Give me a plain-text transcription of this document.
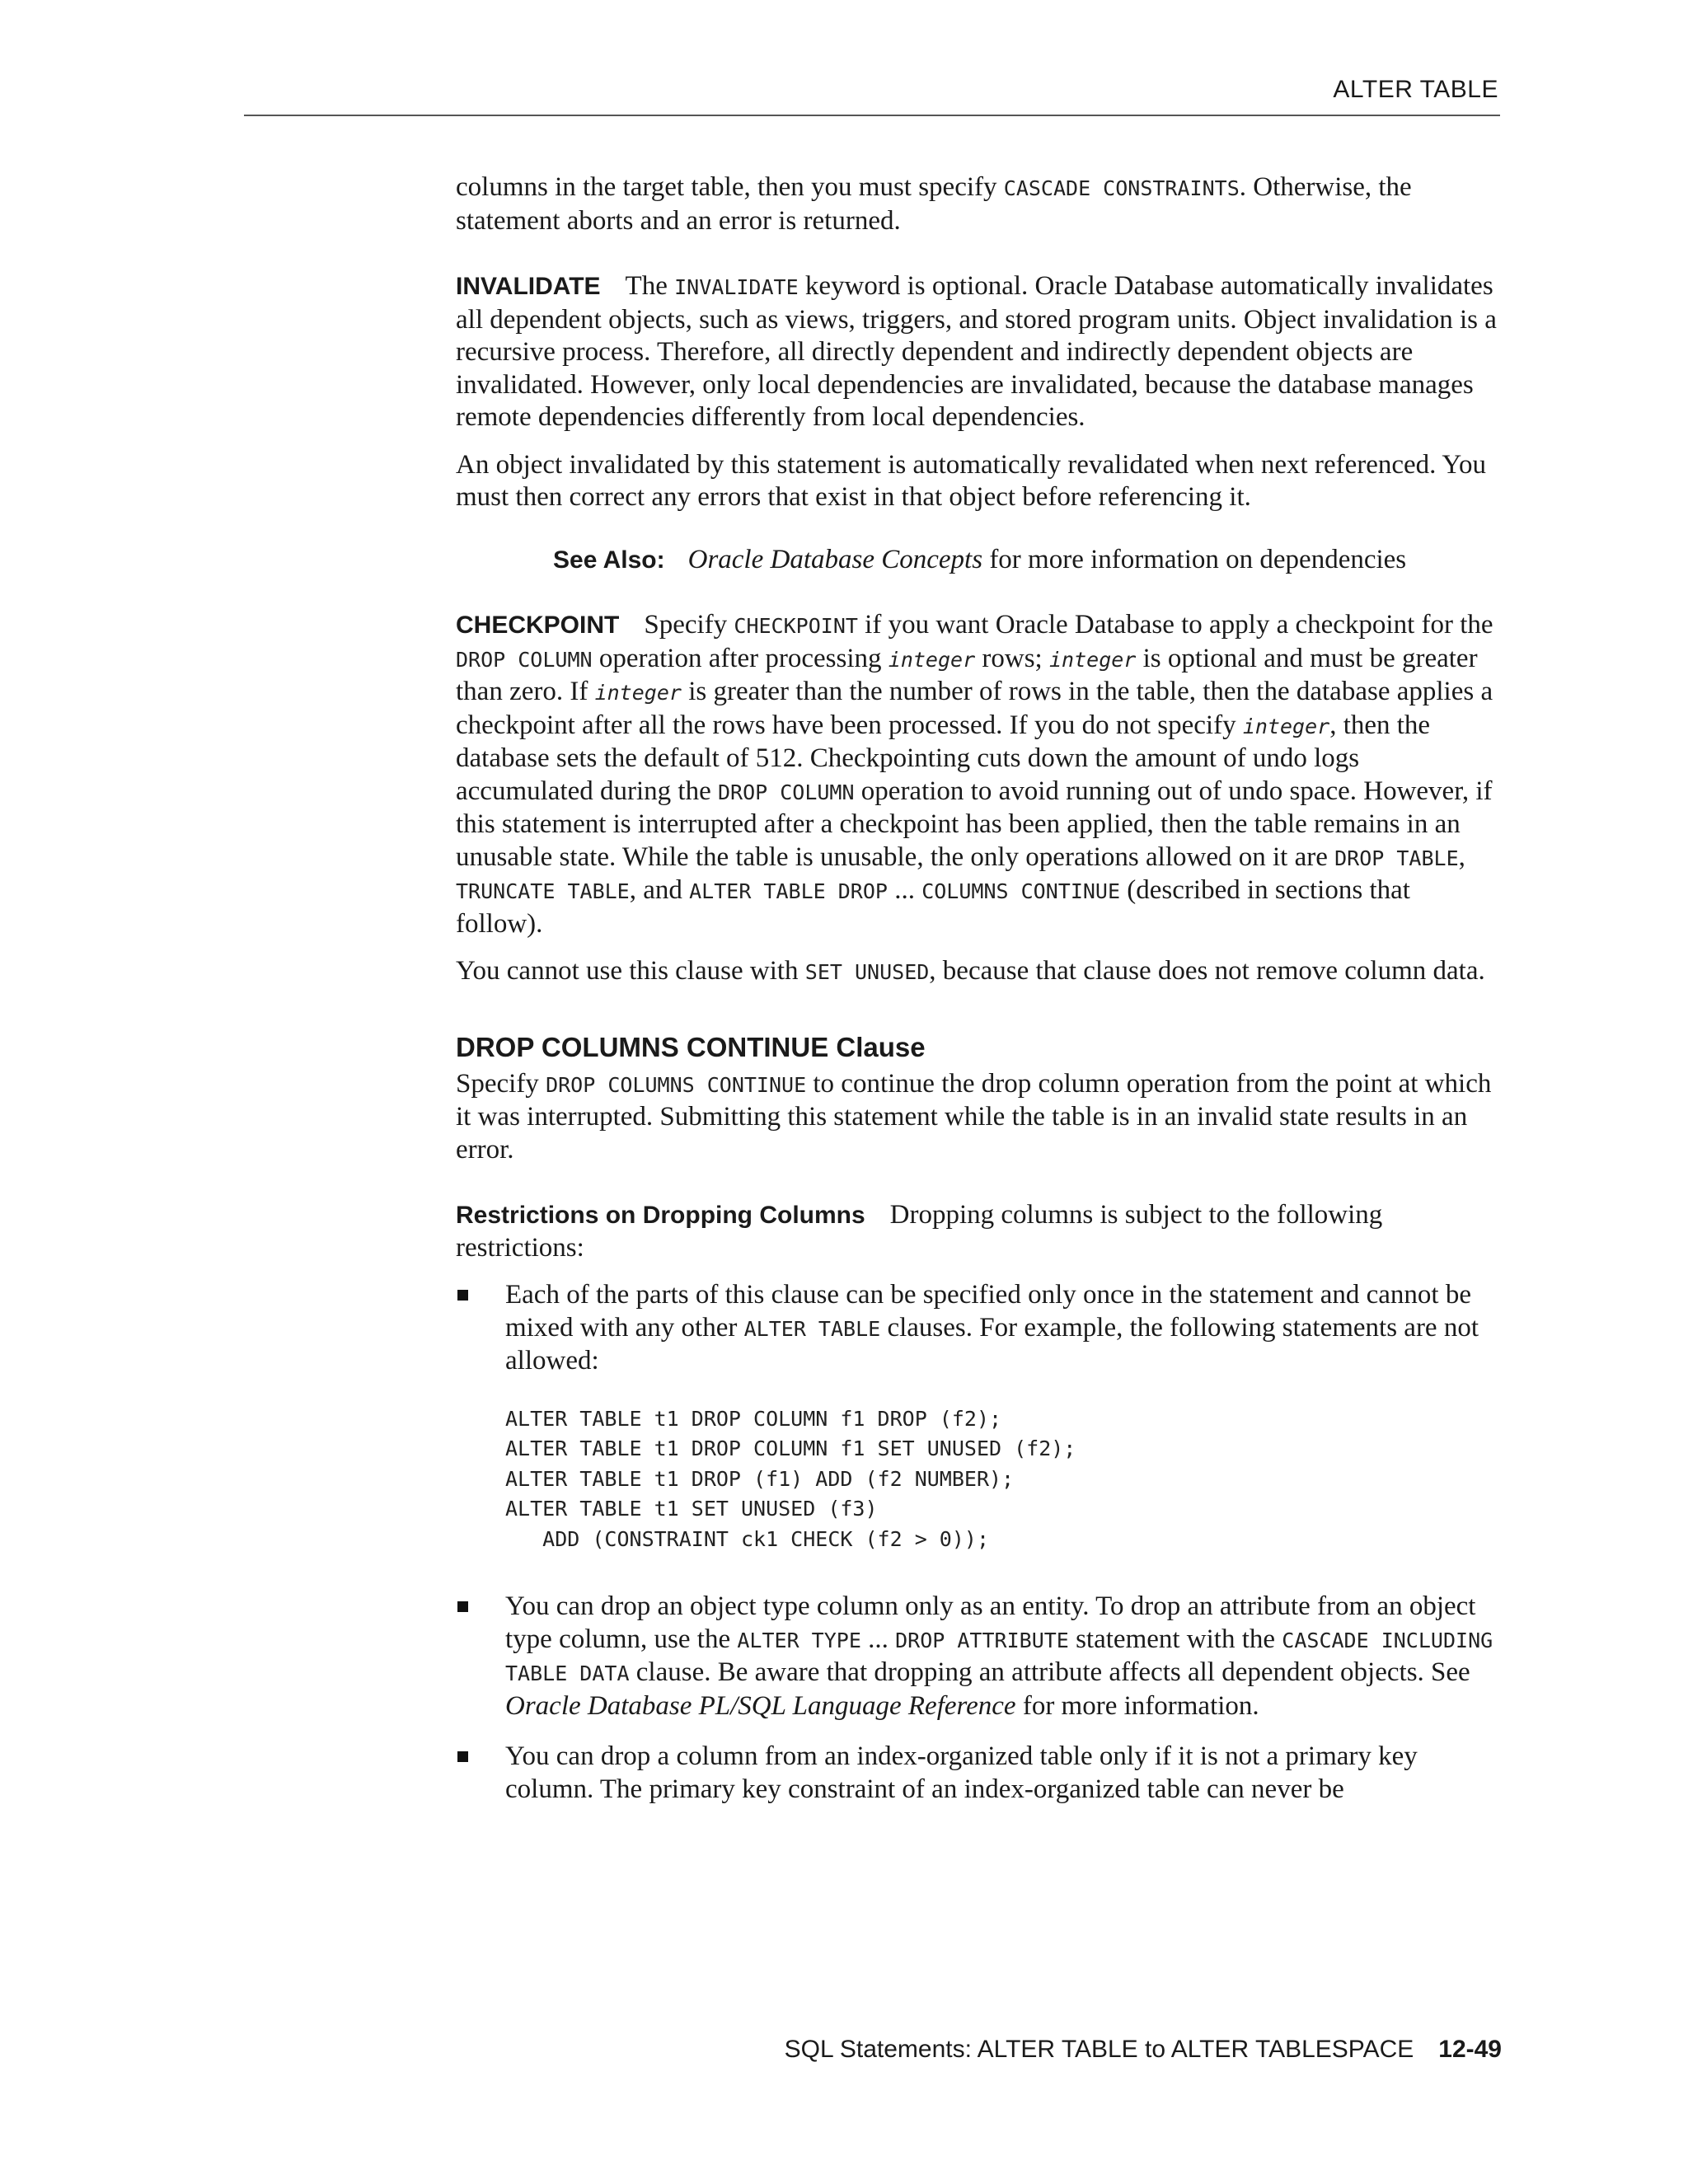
ALTER TABLE

columns in the target table, then you must specify CASCADE CONSTRAINTS. Otherwise, the statement aborts and an error is returned.

INVALIDATE The INVALIDATE keyword is optional. Oracle Database automatically invalidates all dependent objects, such as views, triggers, and stored program units. Object invalidation is a recursive process. Therefore, all directly dependent and indirectly dependent objects are invalidated. However, only local dependencies are invalidated, because the database manages remote dependencies differently from local dependencies.

An object invalidated by this statement is automatically revalidated when next referenced. You must then correct any errors that exist in that object before referencing it.

See Also: Oracle Database Concepts for more information on dependencies

CHECKPOINT Specify CHECKPOINT if you want Oracle Database to apply a checkpoint for the DROP COLUMN operation after processing integer rows; integer is optional and must be greater than zero. If integer is greater than the number of rows in the table, then the database applies a checkpoint after all the rows have been processed. If you do not specify integer, then the database sets the default of 512. Checkpointing cuts down the amount of undo logs accumulated during the DROP COLUMN operation to avoid running out of undo space. However, if this statement is interrupted after a checkpoint has been applied, then the table remains in an unusable state. While the table is unusable, the only operations allowed on it are DROP TABLE, TRUNCATE TABLE, and ALTER TABLE DROP ... COLUMNS CONTINUE (described in sections that follow).

You cannot use this clause with SET UNUSED, because that clause does not remove column data.

DROP COLUMNS CONTINUE Clause

Specify DROP COLUMNS CONTINUE to continue the drop column operation from the point at which it was interrupted. Submitting this statement while the table is in an invalid state results in an error.

Restrictions on Dropping Columns Dropping columns is subject to the following restrictions:

Each of the parts of this clause can be specified only once in the statement and cannot be mixed with any other ALTER TABLE clauses. For example, the following statements are not allowed:

ALTER TABLE t1 DROP COLUMN f1 DROP (f2);
ALTER TABLE t1 DROP COLUMN f1 SET UNUSED (f2);
ALTER TABLE t1 DROP (f1) ADD (f2 NUMBER);
ALTER TABLE t1 SET UNUSED (f3)
ADD (CONSTRAINT ck1 CHECK (f2 > 0));

You can drop an object type column only as an entity. To drop an attribute from an object type column, use the ALTER TYPE ... DROP ATTRIBUTE statement with the CASCADE INCLUDING TABLE DATA clause. Be aware that dropping an attribute affects all dependent objects. See Oracle Database PL/SQL Language Reference for more information.

You can drop a column from an index-organized table only if it is not a primary key column. The primary key constraint of an index-organized table can never be

SQL Statements: ALTER TABLE to ALTER TABLESPACE 12-49
